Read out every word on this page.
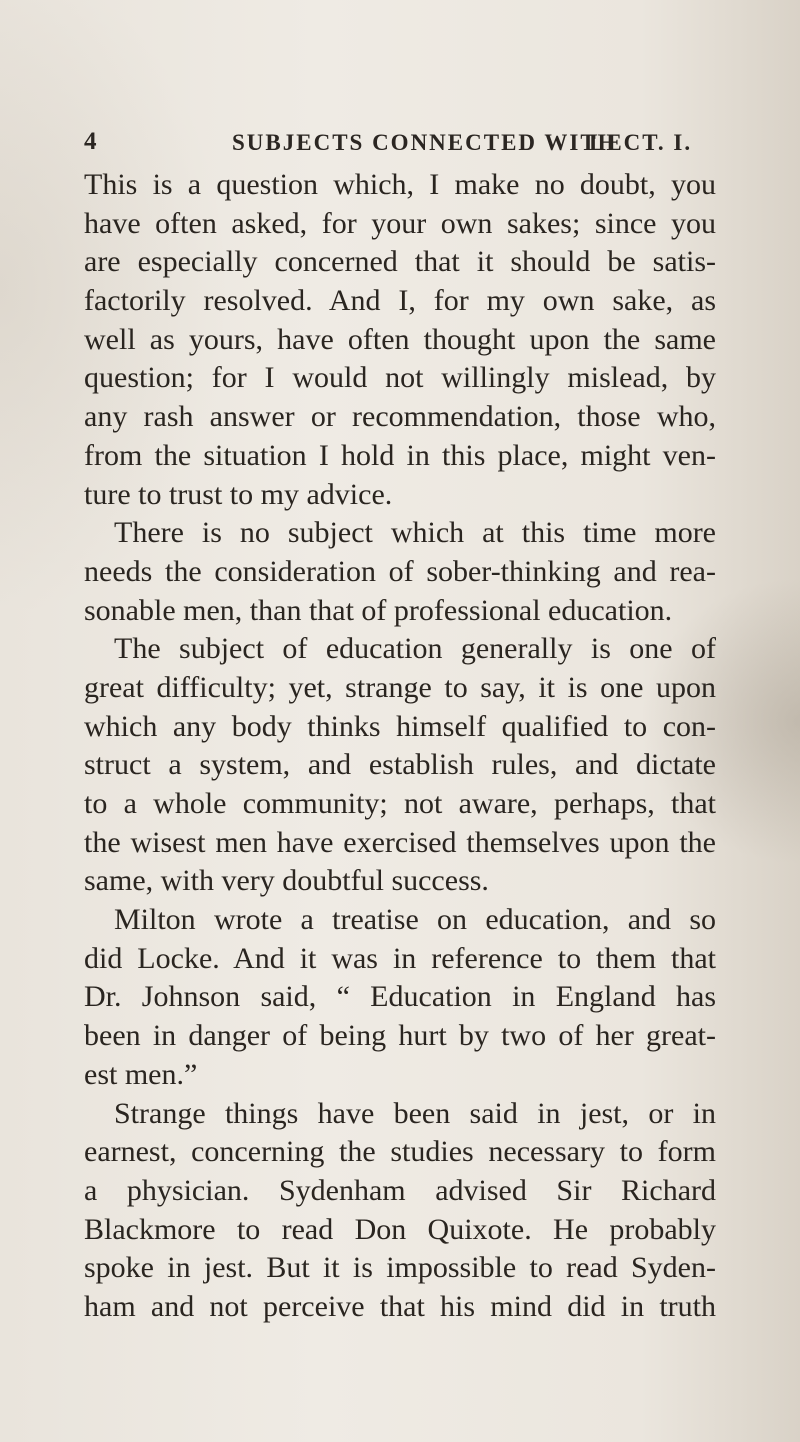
4	SUBJECTS CONNECTED WITH
LECT. I.
This is a question which, I make no doubt, you
have often asked, for your own sakes; since you
are especially concerned that it should be satis-
factorily resolved. And I, for my own sake, as
well as yours, have often thought upon the same
question; for I would not willingly mislead, by
any rash answer or recommendation, those who,
from the situation I hold in this place, might ven-
ture to trust to my advice.
There is no subject which at this time more
needs the consideration of sober-thinking and rea-
sonable men, than that of professional education.
The subject of education generally is one of
great difficulty; yet, strange to say, it is one upon
which any body thinks himself qualified to con-
struct a system, and establish rules, and dictate
to a whole community; not aware, perhaps, that
the wisest men have exercised themselves upon the
same, with very doubtful success.
Milton wrote a treatise on education, and so
did Locke. And it was in reference to them that
Dr. Johnson said, “ Education in England has
been in danger of being hurt by two of her great-
est men.”
Strange things have been said in jest, or in
earnest, concerning the studies necessary to form
a physician. Sydenham advised Sir Richard
Blackmore to read Don Quixote. He probably
spoke in jest. But it is impossible to read Syden-
ham and not perceive that his mind did in truth
